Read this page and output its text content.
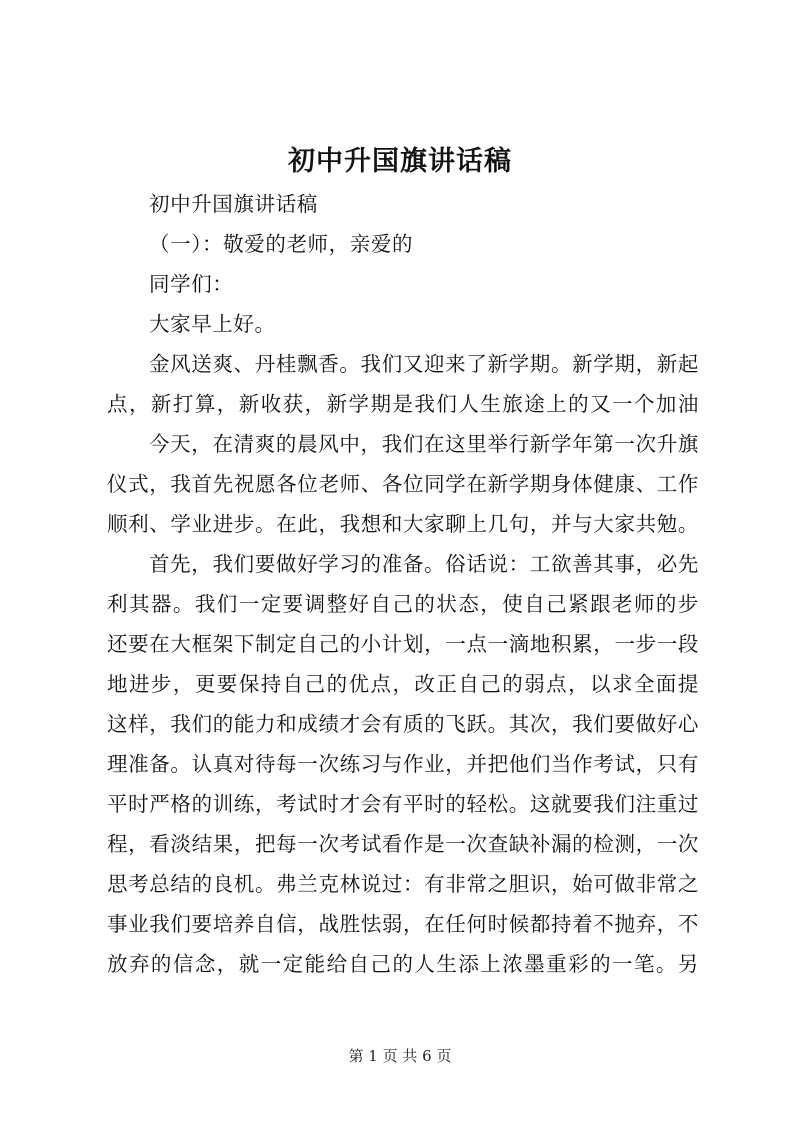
初中升国旗讲话稿
初中升国旗讲话稿
（一）：敬爱的老师，亲爱的
同学们：
大家早上好。
金风送爽、丹桂飘香。我们又迎来了新学期。新学期，新起
点，新打算，新收获，新学期是我们人生旅途上的又一个加油
今天，在清爽的晨风中，我们在这里举行新学年第一次升旗
仪式，我首先祝愿各位老师、各位同学在新学期身体健康、工作
顺利、学业进步。在此，我想和大家聊上几句，并与大家共勉。
首先，我们要做好学习的准备。俗话说：工欲善其事，必先
利其器。我们一定要调整好自己的状态，使自己紧跟老师的步
还要在大框架下制定自己的小计划，一点一滴地积累，一步一段
地进步，更要保持自己的优点，改正自己的弱点，以求全面提
这样，我们的能力和成绩才会有质的飞跃。其次，我们要做好心
理准备。认真对待每一次练习与作业，并把他们当作考试，只有
平时严格的训练，考试时才会有平时的轻松。这就要我们注重过
程，看淡结果，把每一次考试看作是一次查缺补漏的检测，一次
思考总结的良机。弗兰克林说过：有非常之胆识，始可做非常之
事业我们要培养自信，战胜怯弱，在任何时候都持着不抛弃，不
放弃的信念，就一定能给自己的人生添上浓墨重彩的一笔。另
第 1 页 共 6 页
